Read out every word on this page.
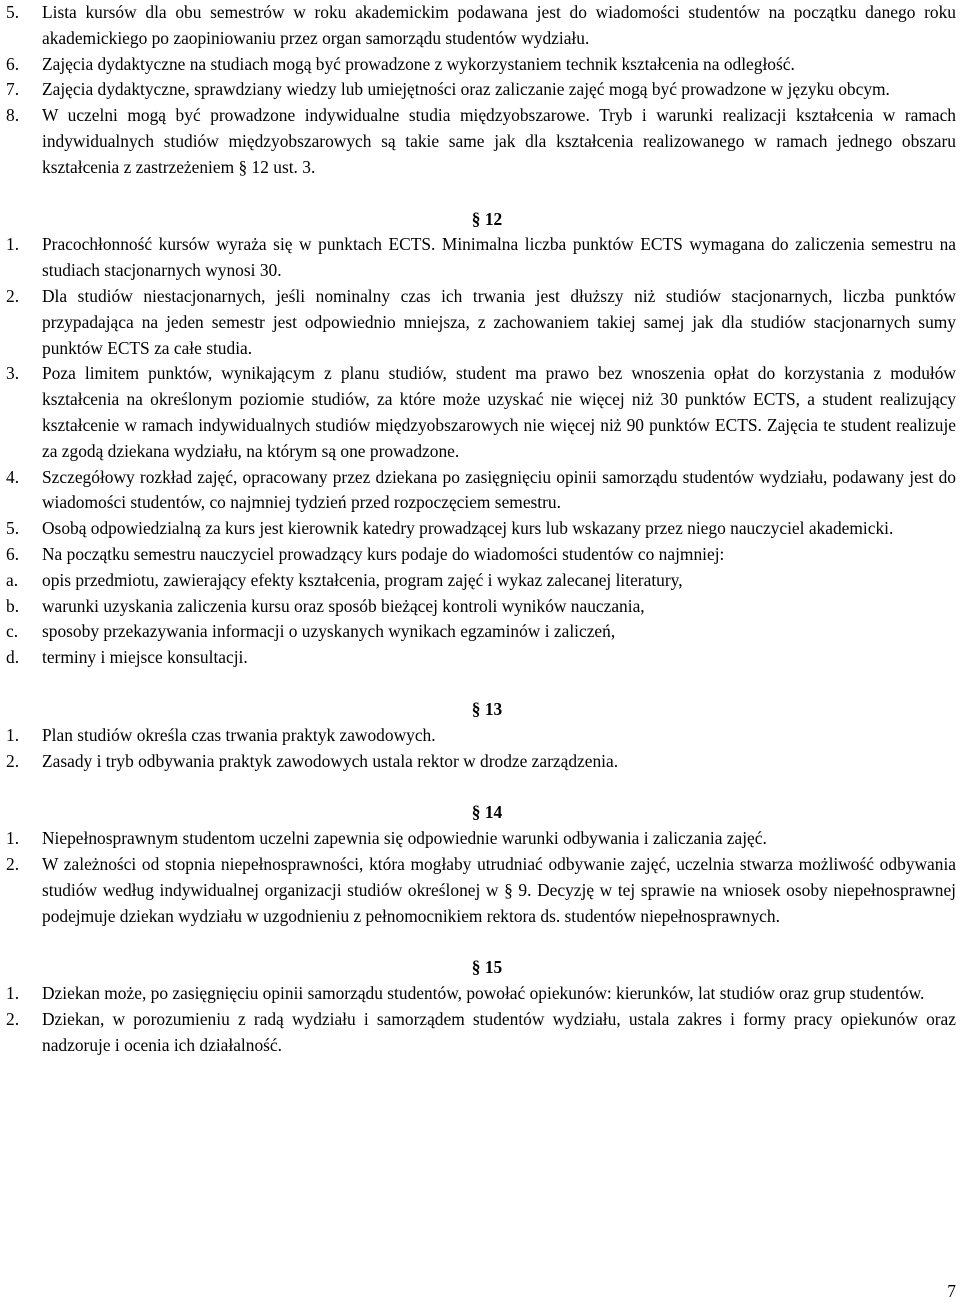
5.	Lista kursów dla obu semestrów w roku akademickim podawana jest do wiadomości studentów na początku danego roku akademickiego po zaopiniowaniu przez organ samorządu studentów wydziału.
6.	Zajęcia dydaktyczne na studiach mogą być prowadzone z wykorzystaniem technik kształcenia na odległość.
7.	Zajęcia dydaktyczne, sprawdziany wiedzy lub umiejętności oraz zaliczanie zajęć mogą być prowadzone w języku obcym.
8.	W uczelni mogą być prowadzone indywidualne studia międzyobszarowe. Tryb i warunki realizacji kształcenia w ramach indywidualnych studiów międzyobszarowych są takie same jak dla kształcenia realizowanego w ramach jednego obszaru kształcenia z zastrzeżeniem § 12 ust. 3.
§ 12
1.	Pracochłonność kursów wyraża się w punktach ECTS. Minimalna liczba punktów ECTS wymagana do zaliczenia semestru na studiach stacjonarnych wynosi 30.
2.	Dla studiów niestacjonarnych, jeśli nominalny czas ich trwania jest dłuższy niż studiów stacjonarnych, liczba punktów przypadająca na jeden semestr jest odpowiednio mniejsza, z zachowaniem takiej samej jak dla studiów stacjonarnych sumy punktów ECTS za całe studia.
3.	Poza limitem punktów, wynikającym z planu studiów, student ma prawo bez wnoszenia opłat do korzystania z modułów kształcenia na określonym poziomie studiów, za które może uzyskać nie więcej niż 30 punktów ECTS, a student realizujący kształcenie w ramach indywidualnych studiów międzyobszarowych nie więcej niż 90 punktów ECTS. Zajęcia te student realizuje za zgodą dziekana wydziału, na którym są one prowadzone.
4.	Szczegółowy rozkład zajęć, opracowany przez dziekana po zasięgnięciu opinii samorządu studentów wydziału, podawany jest do wiadomości studentów, co najmniej tydzień przed rozpoczęciem semestru.
5.	Osobą odpowiedzialną za kurs jest kierownik katedry prowadzącej kurs lub wskazany przez niego nauczyciel akademicki.
6.	Na początku semestru nauczyciel prowadzący kurs podaje do wiadomości studentów co najmniej:
a.	opis przedmiotu, zawierający efekty kształcenia, program zajęć i wykaz zalecanej literatury,
b.	warunki uzyskania zaliczenia kursu oraz sposób bieżącej kontroli wyników nauczania,
c.	sposoby przekazywania informacji o uzyskanych wynikach egzaminów i zaliczeń,
d.	terminy i miejsce konsultacji.
§ 13
1.	Plan studiów określa czas trwania praktyk zawodowych.
2.	Zasady i tryb odbywania praktyk zawodowych ustala rektor w drodze zarządzenia.
§ 14
1.	Niepełnosprawnym studentom uczelni zapewnia się odpowiednie warunki odbywania i zaliczania zajęć.
2.	W zależności od stopnia niepełnosprawności, która mogłaby utrudniać odbywanie zajęć, uczelnia stwarza możliwość odbywania studiów według indywidualnej organizacji studiów określonej w § 9. Decyzję w tej sprawie na wniosek osoby niepełnosprawnej podejmuje dziekan wydziału w uzgodnieniu z pełnomocnikiem rektora ds. studentów niepełnosprawnych.
§ 15
1.	Dziekan może, po zasięgnięciu opinii samorządu studentów, powołać opiekunów: kierunków, lat studiów oraz grup studentów.
2.	Dziekan, w porozumieniu z radą wydziału i samorządem studentów wydziału, ustala zakres i formy pracy opiekunów oraz nadzoruje i ocenia ich działalność.
7
